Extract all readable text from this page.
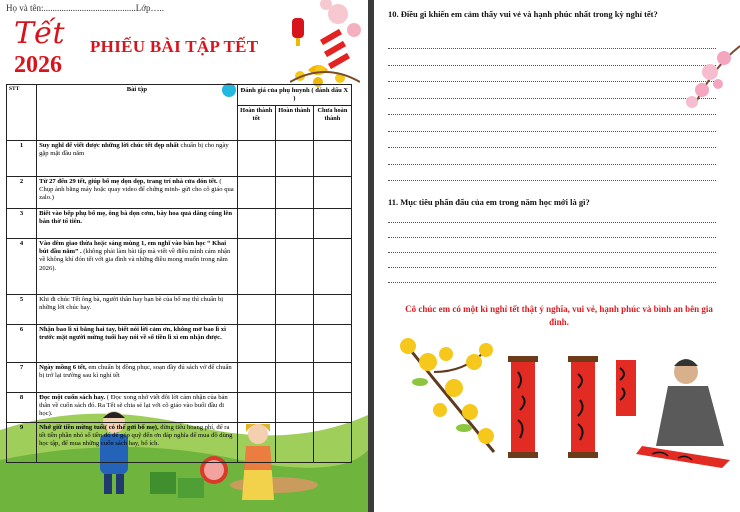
Họ và tên:.........................................Lớp…..
Tết
2026
PHIẾU BÀI TẬP TẾT
STT	Bài tập	Đánh giá của phụ huynh ( đánh dấu X )		
		Hoàn thành tốt	Hoàn thành	Chưa hoàn thành
1	Suy nghĩ để viết được những lời chúc tết đẹp nhất chuẩn bị cho ngày gặp mặt đầu năm			
2	Từ 27 đến 29 tết, giúp bố mẹ dọn dẹp, trang trí nhà cửa đón tết. ( Chụp ảnh bằng máy hoặc quay video để chứng minh- gửi cho cô giáo qua zalo.)			
3	Biết vào bếp phụ bố mẹ, ông bà dọn cơm, bày hoa quả dâng cúng lên bàn thờ tổ tiên.			
4	Vào đêm giao thừa hoặc sáng mùng 1, em nghĩ vào bàn học “ Khai bút đầu năm” . (không phải làm bài tập mà viết về điều mình cảm nhận về không khí đón tết với gia đình và những điều mong muốn trong năm 2026).			
5	Khi đi chúc Tết ông bà, người thân hay bạn bè của bố mẹ thì chuẩn bị những lời chúc hay.			
6	Nhận bao lì xì bằng hai tay, biết nói lời cảm ơn, không mở bao lì xì trước mặt người mừng tuổi hay nói về số tiền lì xì em nhận được.			
7	Ngày mồng 6 tết, em chuẩn bị đồng phục, soạn đầy đủ sách vở để chuẩn bị trở lại trường sau kì nghỉ tết			
8	Đọc một cuốn sách hay. ( Đọc xong nhớ viết đôi lời cảm nhận của bản thân về cuốn sách đó. Ra Tết sẽ chia sẻ lại với cô giáo vào buổi đầu đi học).			
9	Nhớ giữ tiền mừng tuổi( có thể gửi bố mẹ), đừng tiêu hoang phí, để ra tết tiền phần nhỏ số tiền đó để góp quỹ đến ơn đáp nghĩa để mua đồ dùng học tập, để mua những cuốn sách hay, bổ ích.			
10. Điều gì khiến em cảm thấy vui vẻ và hạnh phúc nhất trong kỳ nghỉ tết?
11. Mục tiêu phấn đấu của em trong năm học mới là gì?
Cô chúc em có một kì nghỉ tết thật ý nghĩa, vui vẻ, hạnh phúc và bình an bên gia đình.
